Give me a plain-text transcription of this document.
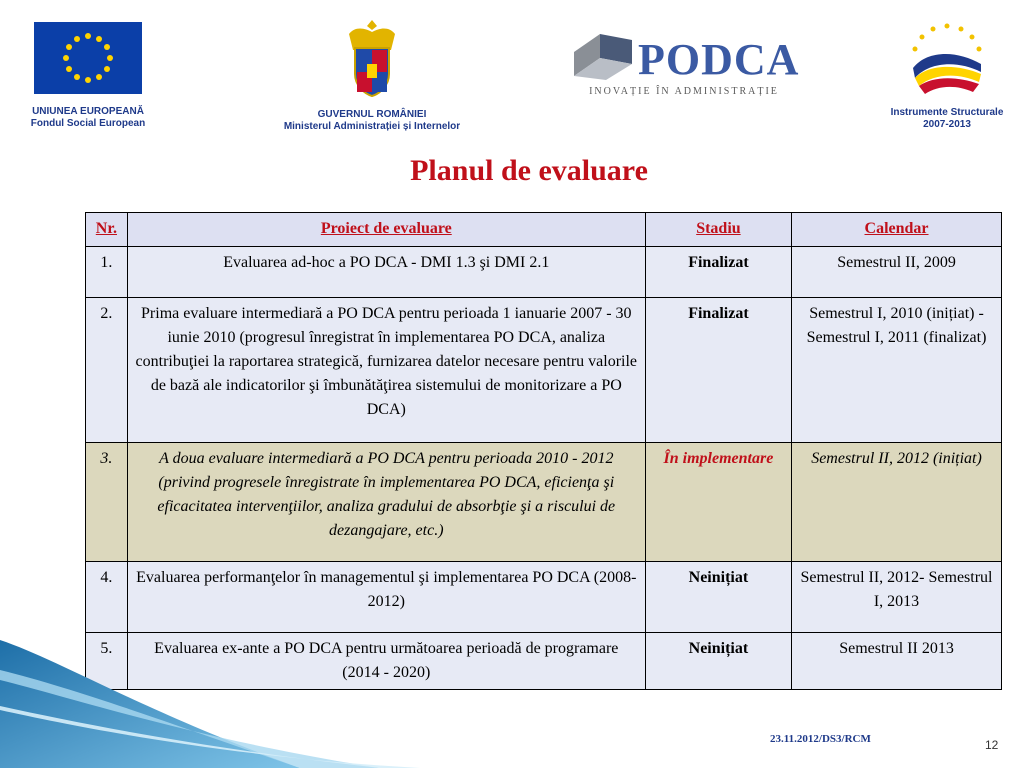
UNIUNEA EUROPEANĂ
Fondul Social European
GUVERNUL ROMÂNIEI
Ministerul Administrației și Internelor
PODCA
INOVAȚIE ÎN ADMINISTRAȚIE
Instrumente Structurale
2007-2013
Planul de evaluare
Nr.	Proiect de evaluare	Stadiu	Calendar
1.	Evaluarea ad-hoc a PO DCA - DMI 1.3 şi DMI 2.1	Finalizat	Semestrul II, 2009
2.	Prima evaluare intermediară a PO DCA pentru perioada 1 ianuarie 2007 - 30 iunie 2010 (progresul înregistrat în implementarea PO DCA, analiza contribuţiei la raportarea strategică, furnizarea datelor necesare pentru valorile de bază ale indicatorilor şi îmbunătăţirea sistemului de monitorizare a PO DCA)	Finalizat	Semestrul I, 2010 (inițiat) - Semestrul I, 2011 (finalizat)
3.	A doua evaluare intermediară a PO DCA pentru perioada 2010 - 2012 (privind progresele înregistrate în implementarea PO DCA, eficienţa şi eficacitatea intervenţiilor, analiza gradului de absorbţie şi a riscului de dezangajare, etc.)	În implementare	Semestrul II, 2012 (inițiat)
4.	Evaluarea performanţelor în managementul şi implementarea PO DCA (2008-2012)	Neinițiat	Semestrul II, 2012- Semestrul I, 2013
5.	Evaluarea ex-ante a PO DCA pentru următoarea perioadă de programare (2014 - 2020)	Neinițiat	Semestrul II 2013
23.11.2012/DS3/RCM	12
